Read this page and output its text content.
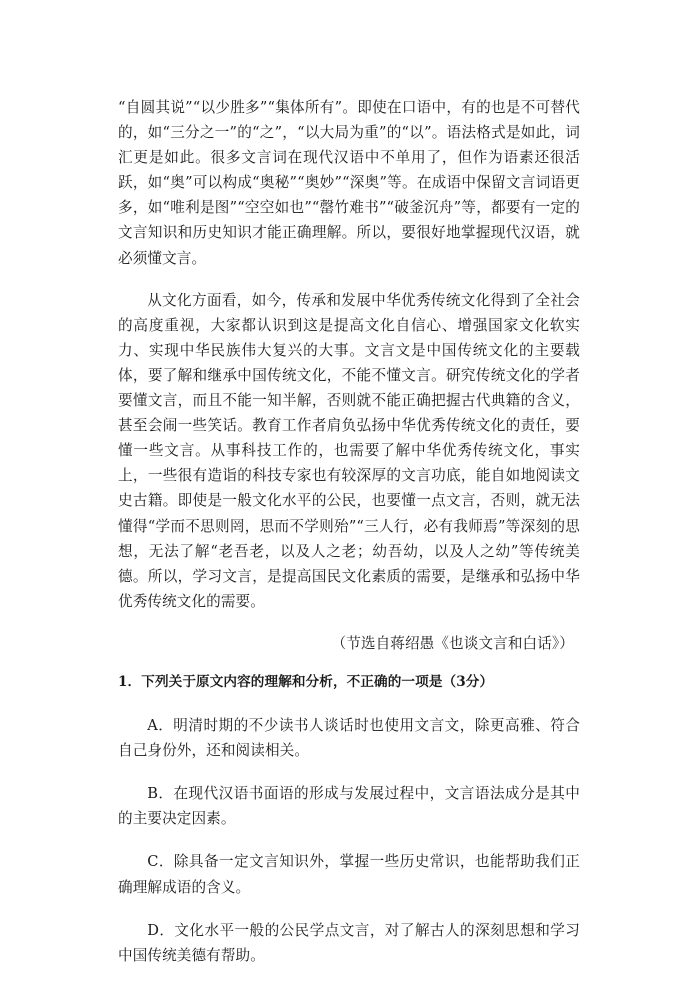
“自圆其说”“以少胜多”“集体所有”。即使在口语中，有的也是不可替代的，如“三分之一”的“之”，“以大局为重”的“以”。语法格式是如此，词汇更是如此。很多文言词在现代汉语中不单用了，但作为语素还很活跃，如“奥”可以构成“奥秘”“奥妙”“深奥”等。在成语中保留文言词语更多，如“唯利是图”“空空如也”“罄竹难书”“破釜沉舟”等，都要有一定的文言知识和历史知识才能正确理解。所以，要很好地掌握现代汉语，就必须懂文言。

从文化方面看，如今，传承和发展中华优秀传统文化得到了全社会的高度重视，大家都认识到这是提高文化自信心、增强国家文化软实力、实现中华民族伟大复兴的大事。文言文是中国传统文化的主要载体，要了解和继承中国传统文化，不能不懂文言。研究传统文化的学者要懂文言，而且不能一知半解，否则就不能正确把握古代典籍的含义，甚至会闹一些笑话。教育工作者肩负弘扬中华优秀传统文化的责任，要懂一些文言。从事科技工作的，也需要了解中华优秀传统文化，事实上，一些很有造诣的科技专家也有较深厚的文言功底，能自如地阅读文史古籍。即使是一般文化水平的公民，也要懂一点文言，否则，就无法懂得“学而不思则罔，思而不学则殆”“三人行，必有我师焉”等深刻的思想，无法了解“老吾老，以及人之老；幼吾幼，以及人之幼”等传统美德。所以，学习文言，是提高国民文化素质的需要，是继承和弘扬中华优秀传统文化的需要。

（节选自蒋绍愚《也谈文言和白话》）

1．下列关于原文内容的理解和分析，不正确的一项是（3分）

A．明清时期的不少读书人谈话时也使用文言文，除更高雅、符合自己身份外，还和阅读相关。

B．在现代汉语书面语的形成与发展过程中，文言语法成分是其中的主要决定因素。

C．除具备一定文言知识外，掌握一些历史常识，也能帮助我们正确理解成语的含义。

D．文化水平一般的公民学点文言，对了解古人的深刻思想和学习中国传统美德有帮助。
